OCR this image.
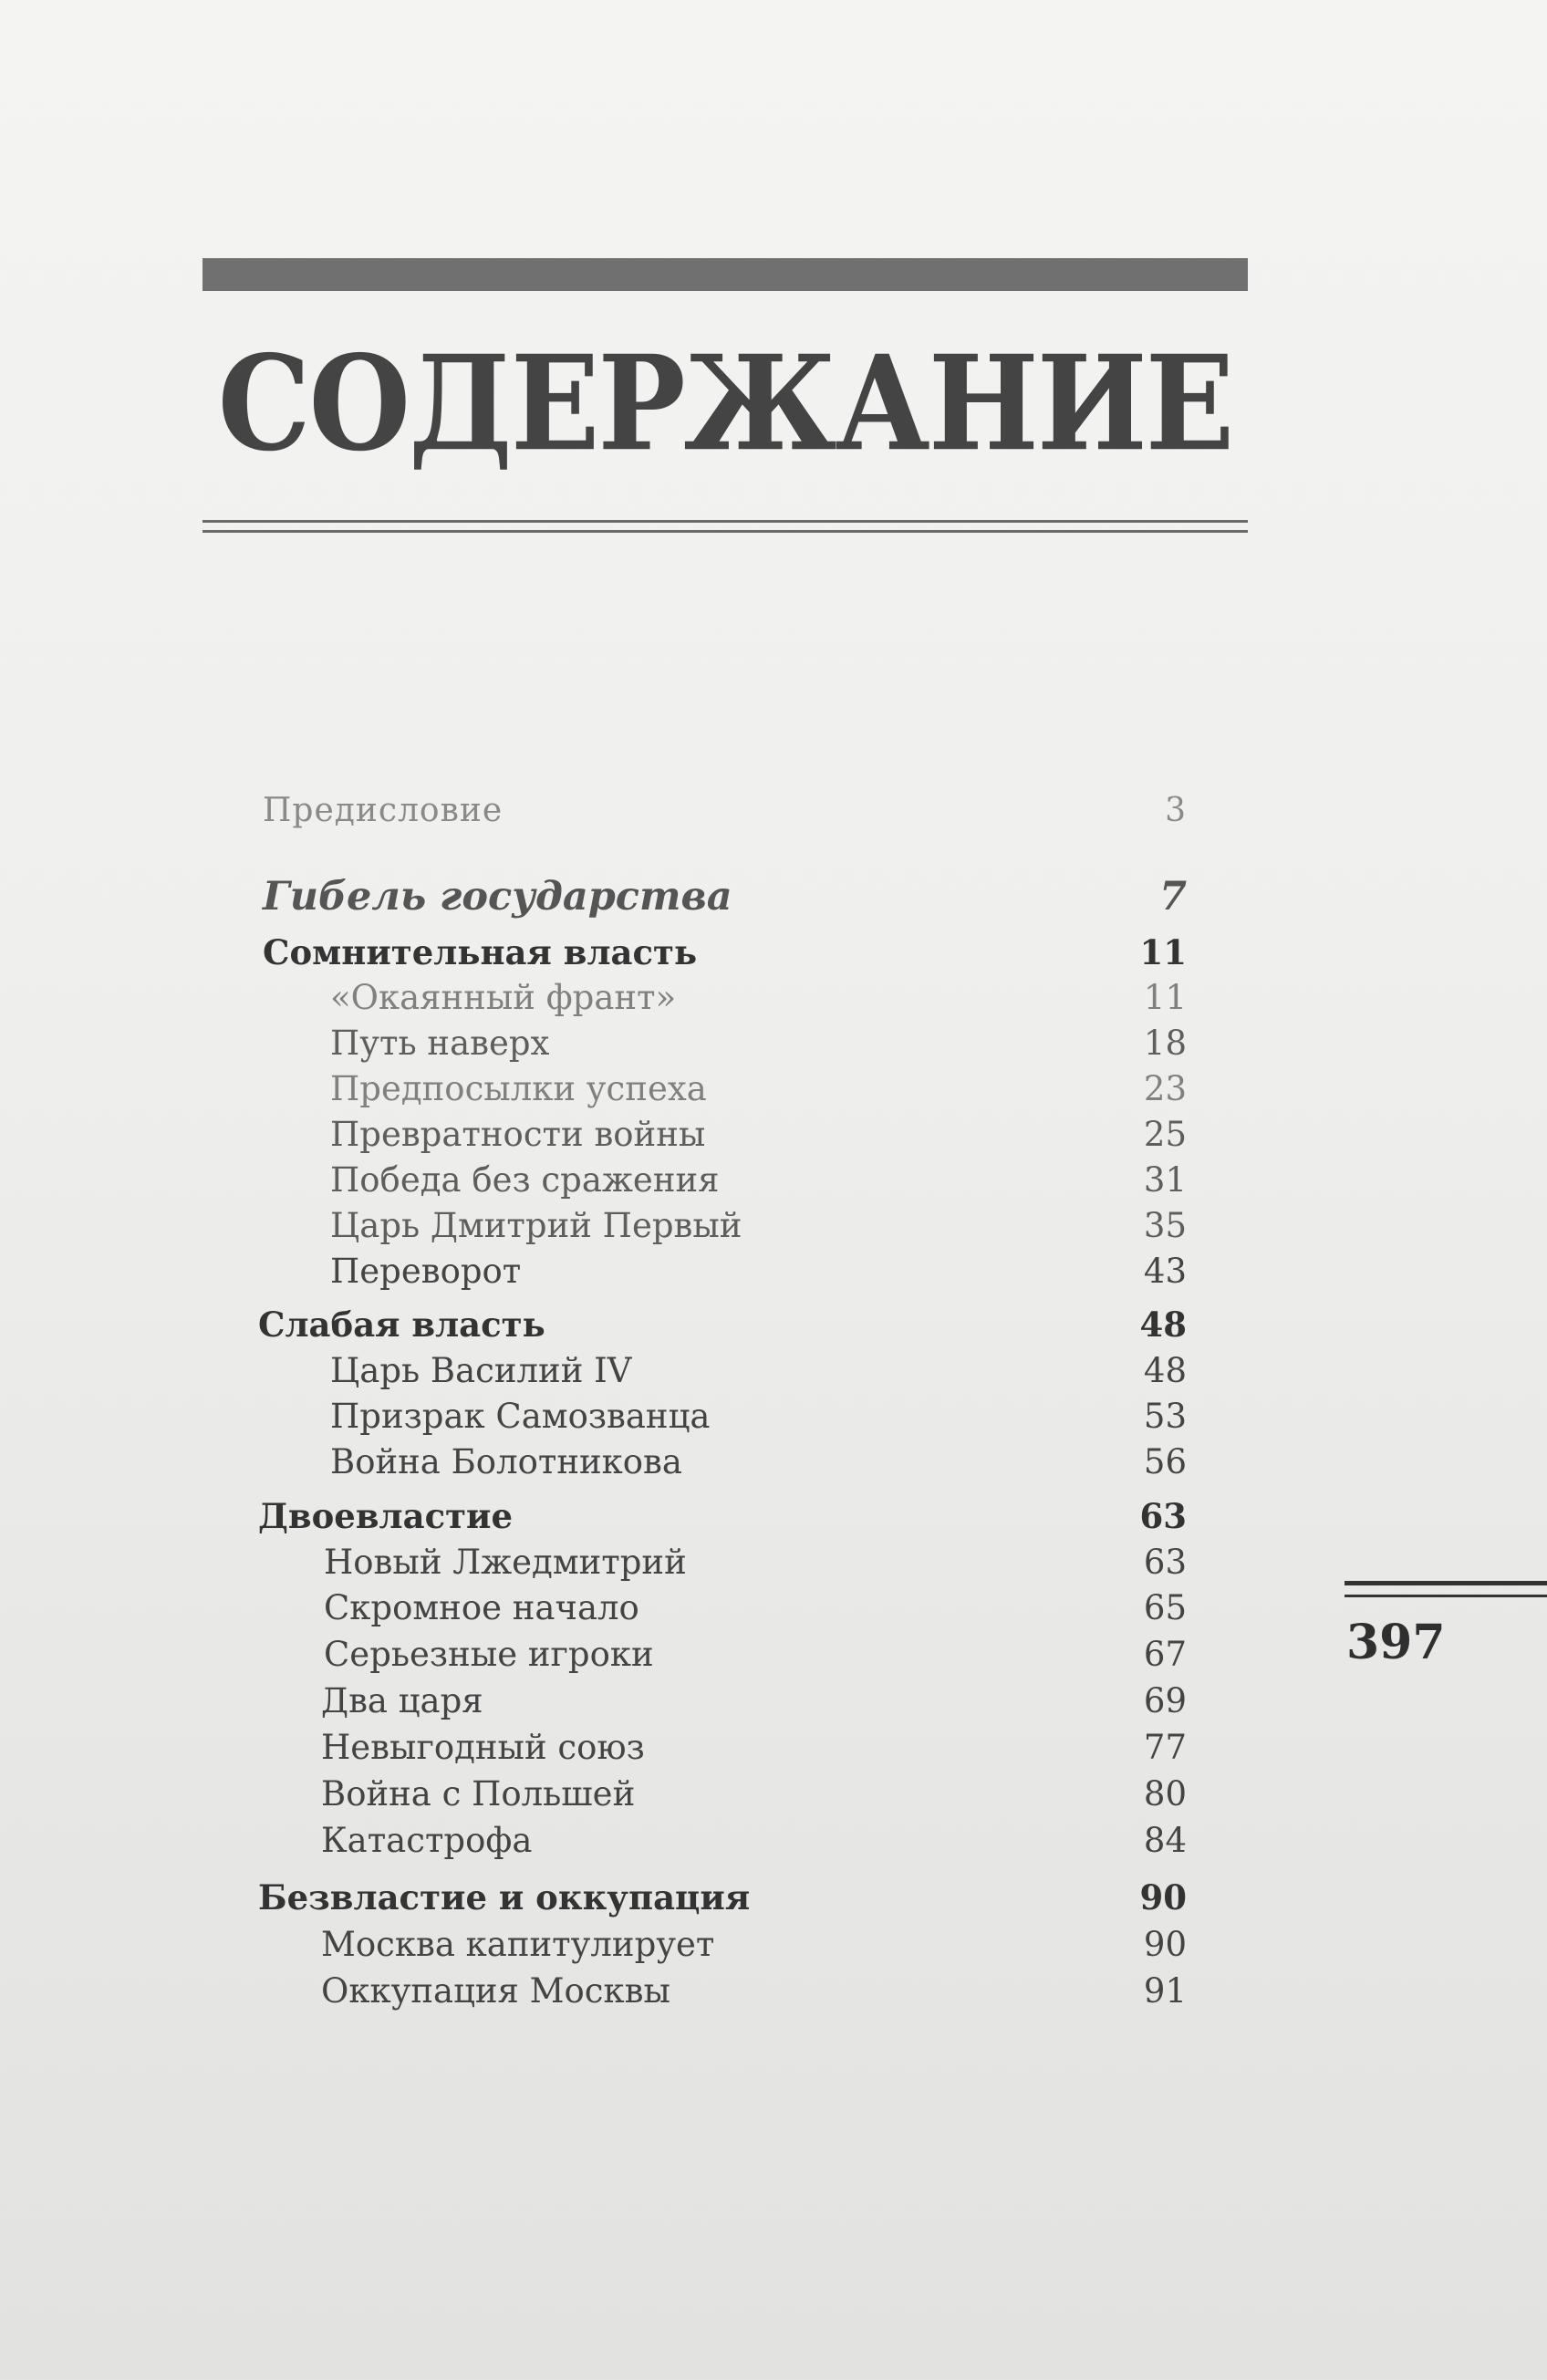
СОДЕРЖАНИЕ
Предисловие	3
Гибель государства	7
Сомнительная власть	11
«Окаянный франт»	11
Путь наверх	18
Предпосылки успеха	23
Превратности войны	25
Победа без сражения	31
Царь Дмитрий Первый	35
Переворот	43
Слабая власть	48
Царь Василий IV	48
Призрак Самозванца	53
Война Болотникова	56
Двоевластие	63
Новый Лжедмитрий	63
Скромное начало	65
Серьезные игроки	67
Два царя	69
Невыгодный союз	77
Война с Польшей	80
Катастрофа	84
Безвластие и оккупация	90
Москва капитулирует	90
Оккупация Москвы	91
397
